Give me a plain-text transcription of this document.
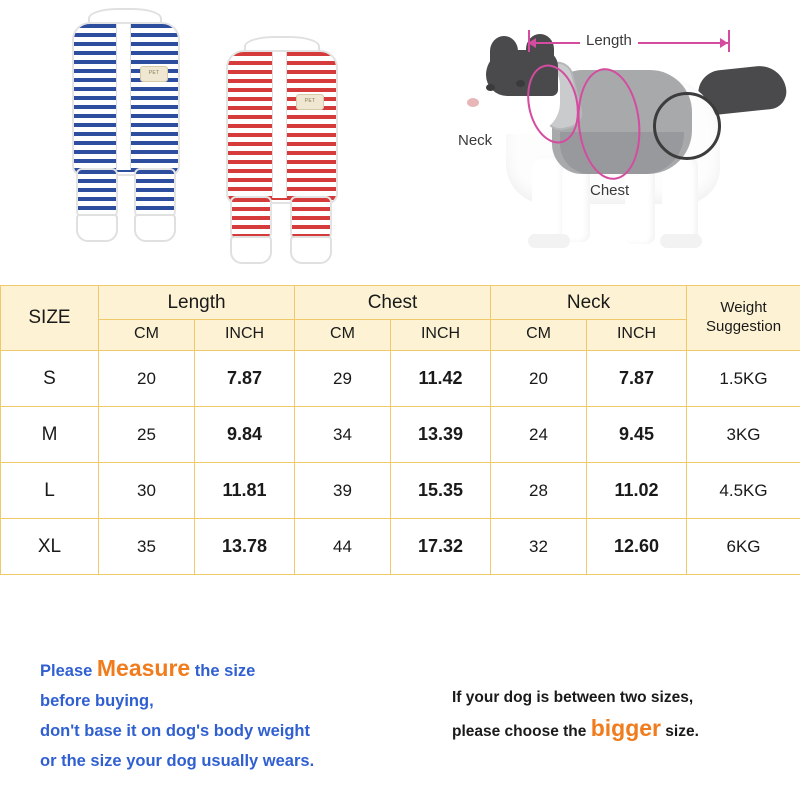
PET
PET
Length
Neck
Chest
SIZE	Length		Chest		Neck		Weight
Suggestion

	CM	INCH	CM	INCH	CM	INCH	
S	20	7.87	29	11.42	20	7.87	1.5KG
M	25	9.84	34	13.39	24	9.45	3KG
L	30	11.81	39	15.35	28	11.02	4.5KG
XL	35	13.78	44	17.32	32	12.60	6KG
Please Measure the size
before buying,
don't base it on dog's body weight
or the size your dog usually wears.
If your dog is between two sizes,
please choose the bigger size.
